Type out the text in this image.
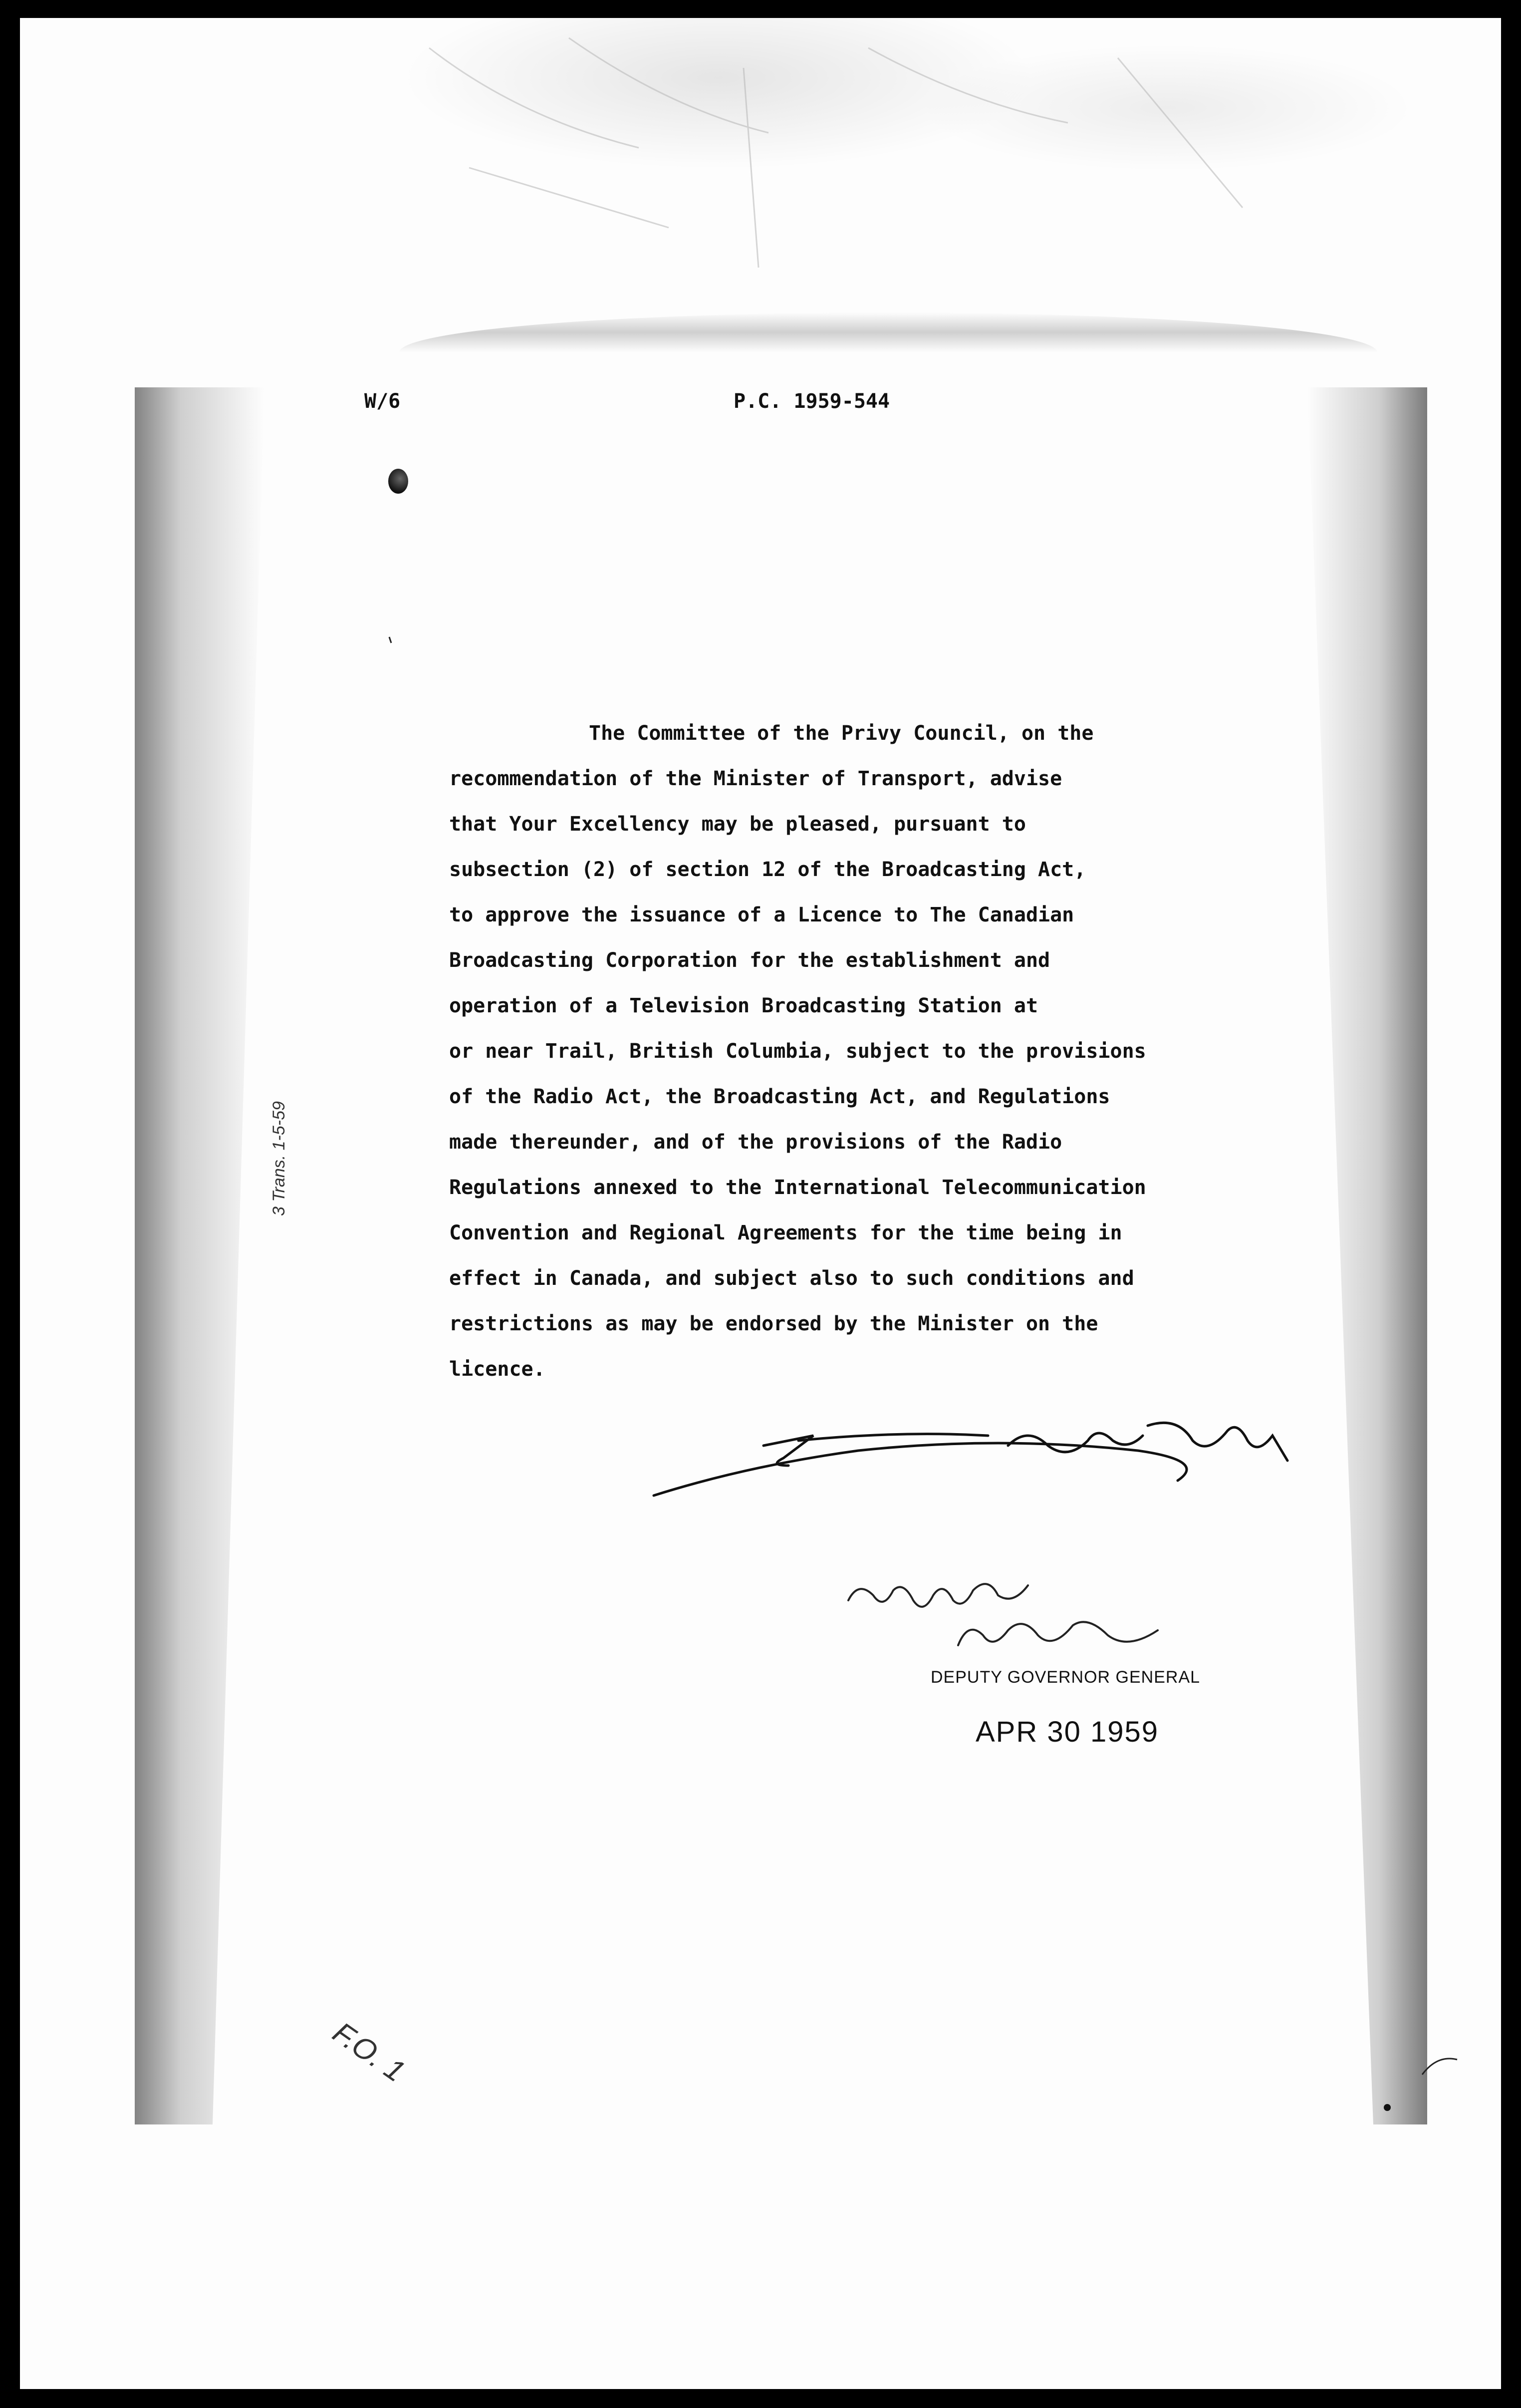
W/6	P.C. 1959-544
The Committee of the Privy Council, on the
recommendation of the Minister of Transport, advise
that Your Excellency may be pleased, pursuant to
subsection (2) of section 12 of the Broadcasting Act,
to approve the issuance of a Licence to The Canadian
Broadcasting Corporation for the establishment and
operation of a Television Broadcasting Station at
or near Trail, British Columbia, subject to the provisions
of the Radio Act, the Broadcasting Act, and Regulations
made thereunder, and of the provisions of the Radio
Regulations annexed to the International Telecommunication
Convention and Regional Agreements for the time being in
effect in Canada, and subject also to such conditions and
restrictions as may be endorsed by the Minister on the
licence.
DEPUTY GOVERNOR GENERAL
APR 30 1959
3 Trans. 1-5-59
F.O. 1
